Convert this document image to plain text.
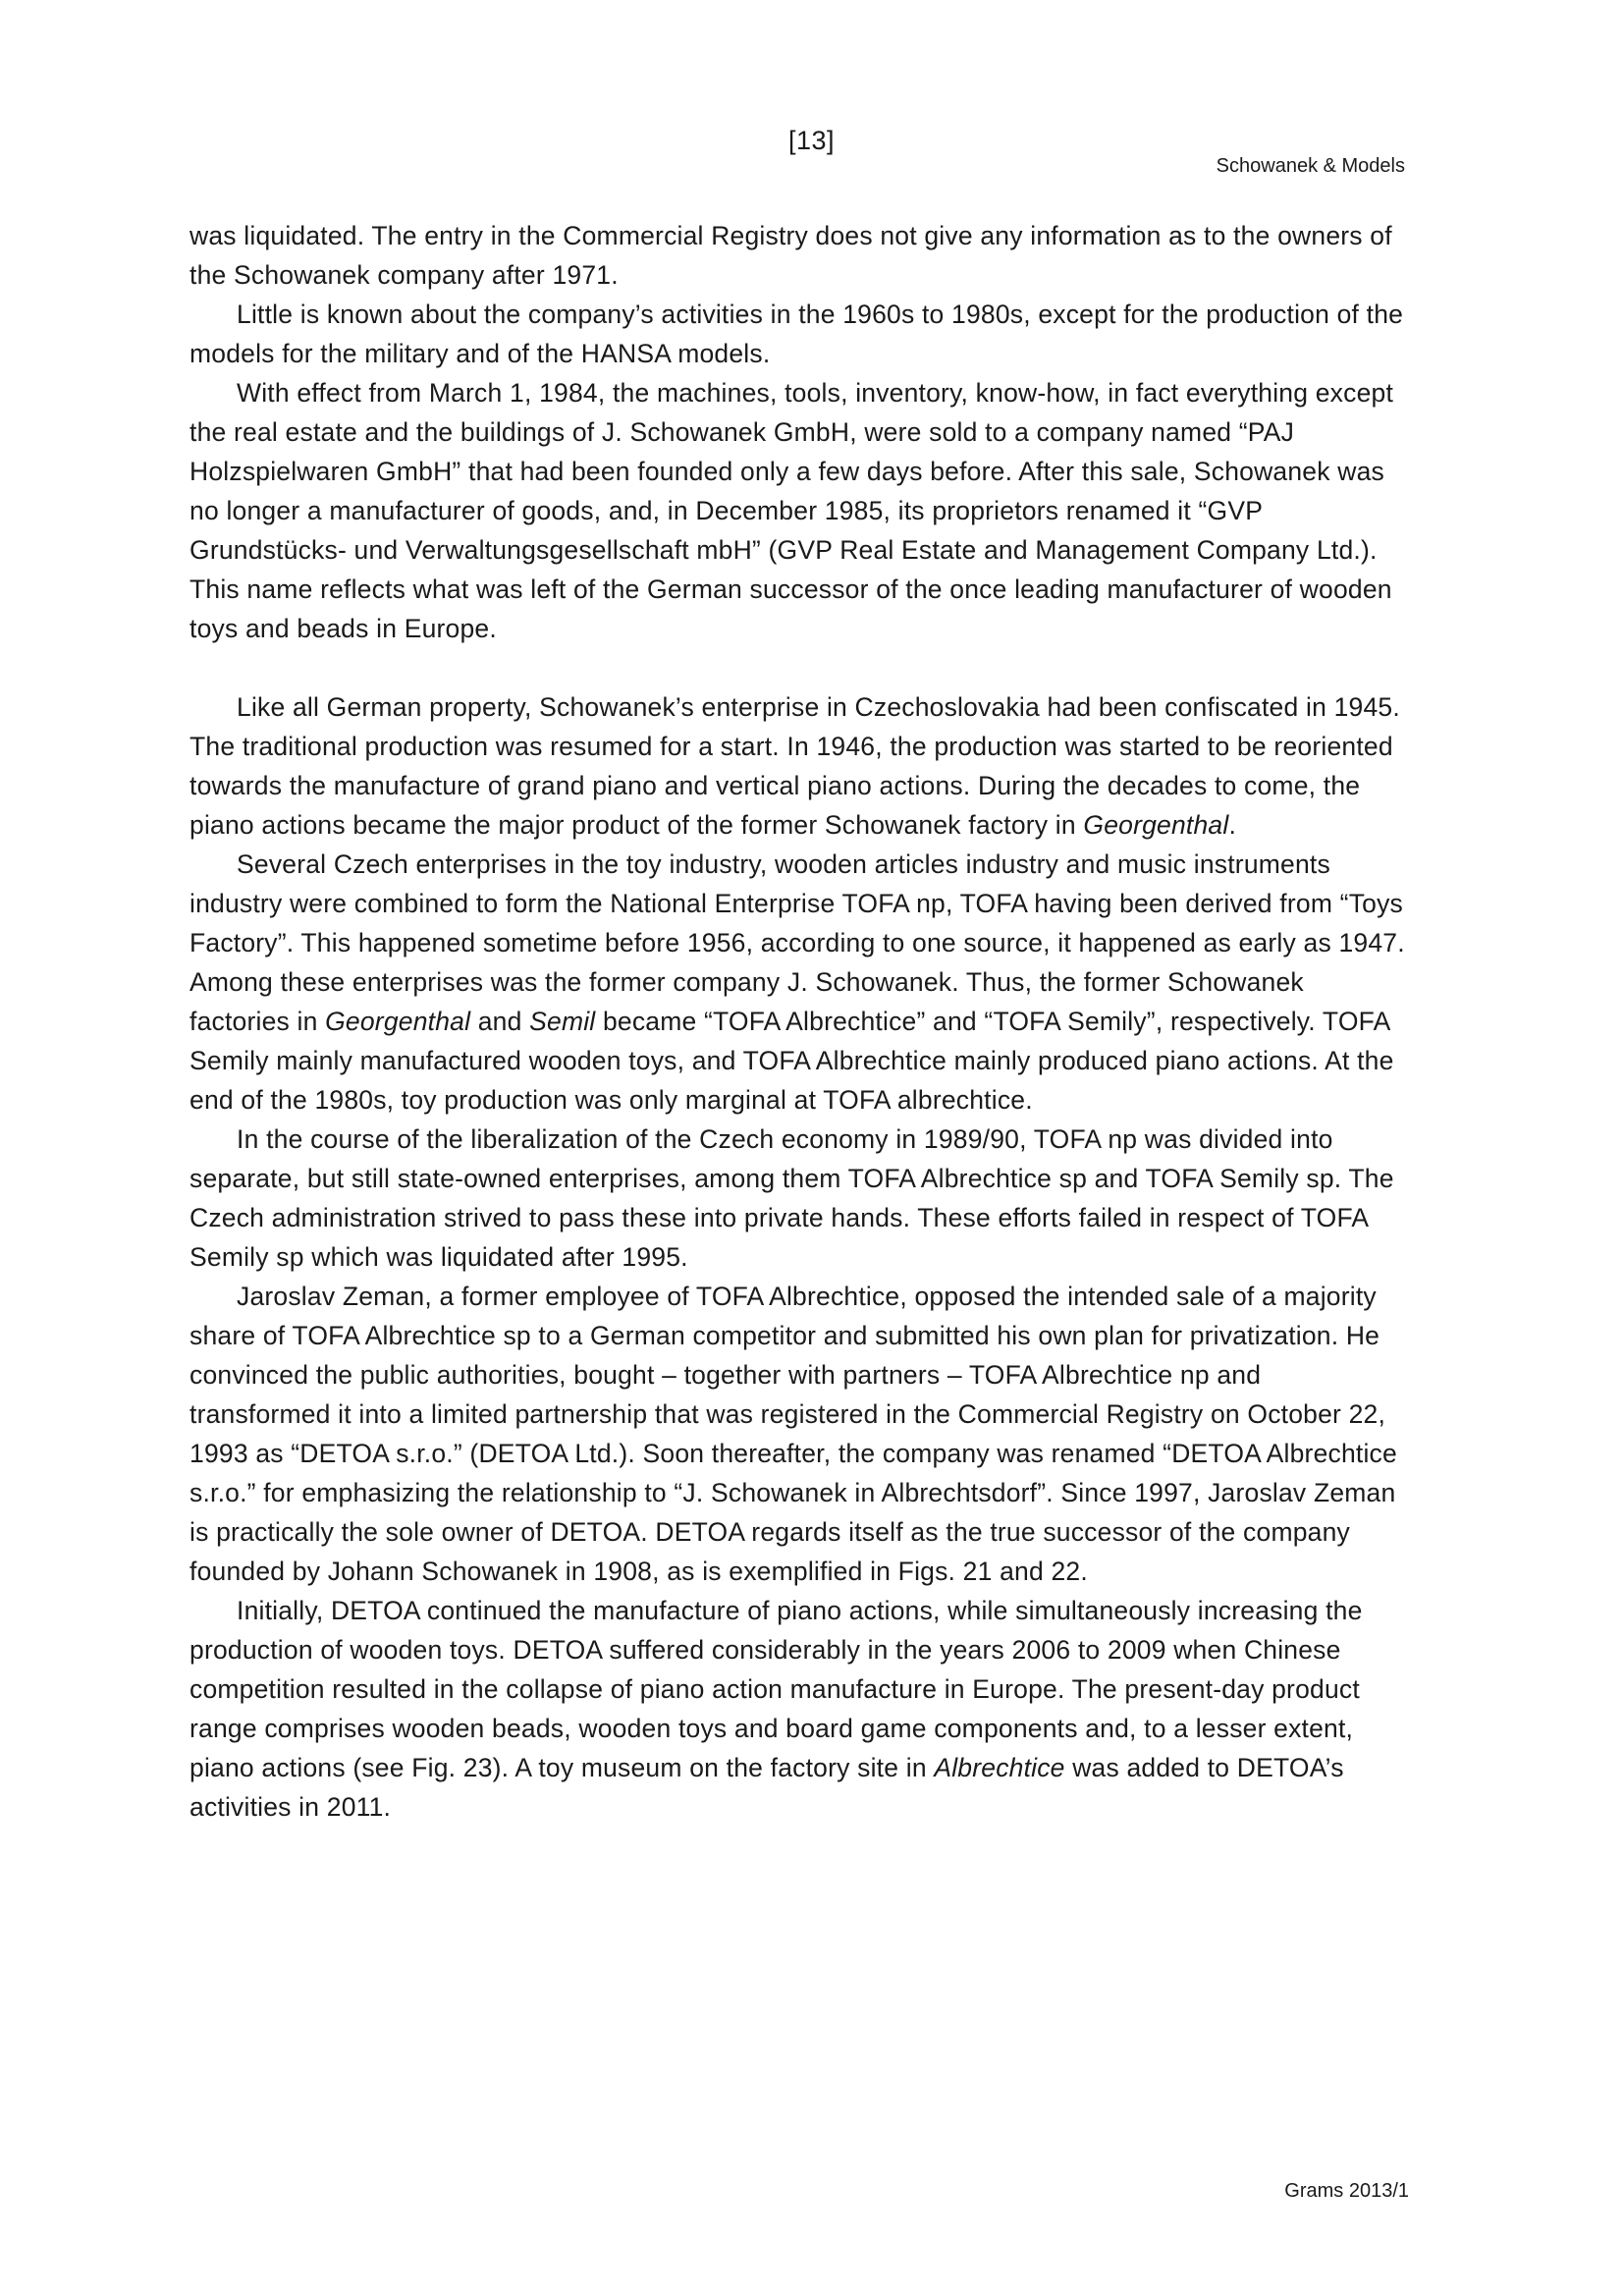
[13]
Schowanek & Models

was liquidated. The entry in the Commercial Registry does not give any information as to the owners of the Schowanek company after 1971.

Little is known about the company’s activities in the 1960s to 1980s, except for the production of the models for the military and of the HANSA models.

With effect from March 1, 1984, the machines, tools, inventory, know-how, in fact everything except the real estate and the buildings of J. Schowanek GmbH, were sold to a company named “PAJ Holzspielwaren GmbH” that had been founded only a few days before. After this sale, Schowanek was no longer a manufacturer of goods, and, in December 1985, its proprietors renamed it “GVP Grundstücks- und Verwaltungsgesellschaft mbH” (GVP Real Estate and Management Company Ltd.). This name reflects what was left of the German successor of the once leading manufacturer of wooden toys and beads in Europe.

Like all German property, Schowanek’s enterprise in Czechoslovakia had been confiscated in 1945. The traditional production was resumed for a start. In 1946, the production was started to be reoriented towards the manufacture of grand piano and vertical piano actions. During the decades to come, the piano actions became the major product of the former Schowanek factory in Georgenthal.

Several Czech enterprises in the toy industry, wooden articles industry and music instruments industry were combined to form the National Enterprise TOFA np, TOFA having been derived from “Toys Factory”. This happened sometime before 1956, according to one source, it happened as early as 1947. Among these enterprises was the former company J. Schowanek. Thus, the former Schowanek factories in Georgenthal and Semil became “TOFA Albrechtice” and “TOFA Semily”, respectively. TOFA Semily mainly manufactured wooden toys, and TOFA Albrechtice mainly produced piano actions. At the end of the 1980s, toy production was only marginal at TOFA albrechtice.

In the course of the liberalization of the Czech economy in 1989/90, TOFA np was divided into separate, but still state-owned enterprises, among them TOFA Albrechtice sp and TOFA Semily sp. The Czech administration strived to pass these into private hands. These efforts failed in respect of TOFA Semily sp which was liquidated after 1995.

Jaroslav Zeman, a former employee of TOFA Albrechtice, opposed the intended sale of a majority share of TOFA Albrechtice sp to a German competitor and submitted his own plan for privatization. He convinced the public authorities, bought – together with partners – TOFA Albrechtice np and transformed it into a limited partnership that was registered in the Commercial Registry on October 22, 1993 as “DETOA s.r.o.” (DETOA Ltd.). Soon thereafter, the company was renamed “DETOA Albrechtice s.r.o.” for emphasizing the relationship to “J. Schowanek in Albrechtsdorf”. Since 1997, Jaroslav Zeman is practically the sole owner of DETOA. DETOA regards itself as the true successor of the company founded by Johann Schowanek in 1908, as is exemplified in Figs. 21 and 22.

Initially, DETOA continued the manufacture of piano actions, while simultaneously increasing the production of wooden toys. DETOA suffered considerably in the years 2006 to 2009 when Chinese competition resulted in the collapse of piano action manufacture in Europe. The present-day product range comprises wooden beads, wooden toys and board game components and, to a lesser extent, piano actions (see Fig. 23). A toy museum on the factory site in Albrechtice was added to DETOA’s activities in 2011.

Grams 2013/1
